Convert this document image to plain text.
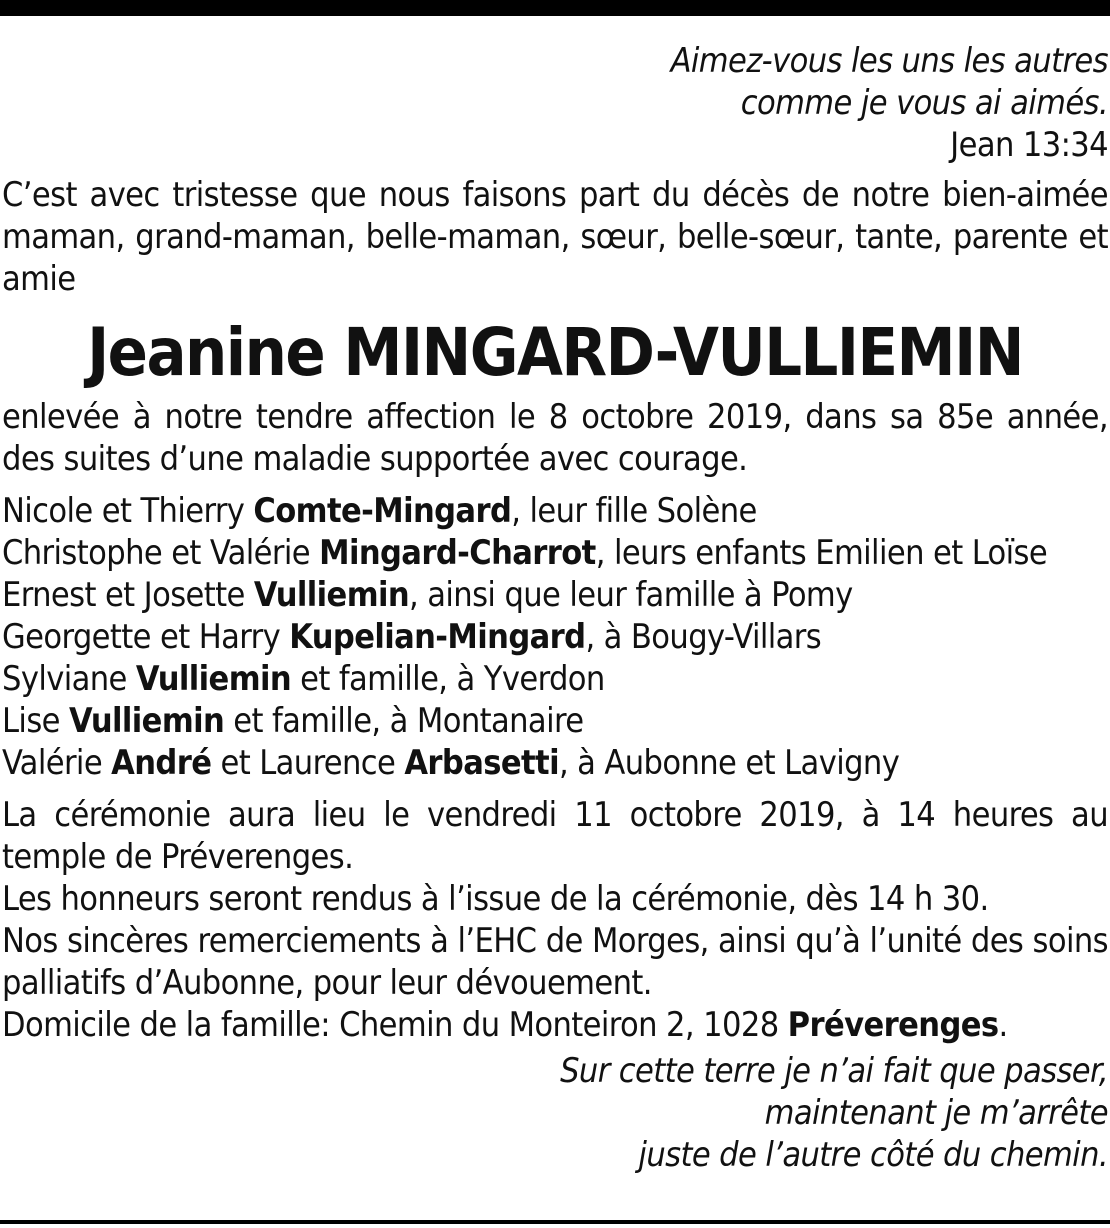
Aimez-vous les uns les autres
comme je vous ai aimés.
Jean 13:34

C’est avec tristesse que nous faisons part du décès de notre bien-aimée maman, grand-maman, belle-maman, sœur, belle-sœur, tante, parente et amie

Jeanine MINGARD-VULLIEMIN

enlevée à notre tendre affection le 8 octobre 2019, dans sa 85e année, des suites d’une maladie supportée avec courage.

Nicole et Thierry Comte-Mingard, leur fille Solène
Christophe et Valérie Mingard-Charrot, leurs enfants Emilien et Loïse
Ernest et Josette Vulliemin, ainsi que leur famille à Pomy
Georgette et Harry Kupelian-Mingard, à Bougy-Villars
Sylviane Vulliemin et famille, à Yverdon
Lise Vulliemin et famille, à Montanaire
Valérie André et Laurence Arbasetti, à Aubonne et Lavigny

La cérémonie aura lieu le vendredi 11 octobre 2019, à 14 heures au temple de Préverenges.

Les honneurs seront rendus à l’issue de la cérémonie, dès 14 h 30.

Nos sincères remerciements à l’EHC de Morges, ainsi qu’à l’unité des soins palliatifs d’Aubonne, pour leur dévouement.

Domicile de la famille: Chemin du Monteiron 2, 1028 Préverenges.

Sur cette terre je n’ai fait que passer,
maintenant je m’arrête
juste de l’autre côté du chemin.
